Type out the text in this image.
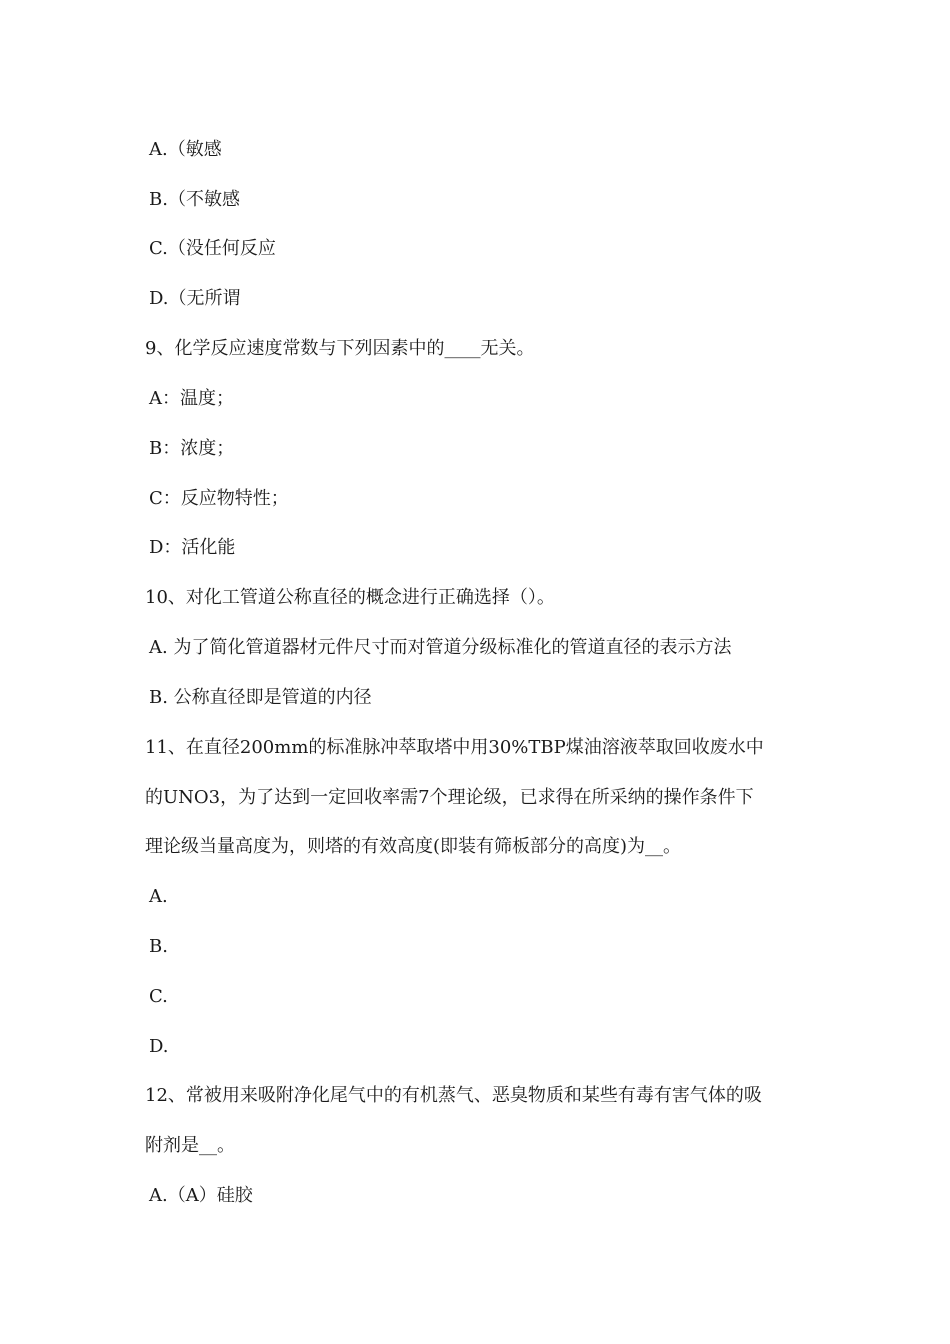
A.（敏感
B.（不敏感
C.（没任何反应
D.（无所谓
9、化学反应速度常数与下列因素中的____无关。
A：温度；
B：浓度；
C：反应物特性；
D：活化能
10、对化工管道公称直径的概念进行正确选择（）。
A. 为了简化管道器材元件尺寸而对管道分级标准化的管道直径的表示方法
B. 公称直径即是管道的内径
11、在直径200mm的标准脉冲萃取塔中用30%TBP煤油溶液萃取回收废水中
的UNO3，为了达到一定回收率需7个理论级，已求得在所采纳的操作条件下
理论级当量高度为，则塔的有效高度(即装有筛板部分的高度)为__。
A.
B.
C.
D.
12、常被用来吸附净化尾气中的有机蒸气、恶臭物质和某些有毒有害气体的吸
附剂是__。
A.（A）硅胶
